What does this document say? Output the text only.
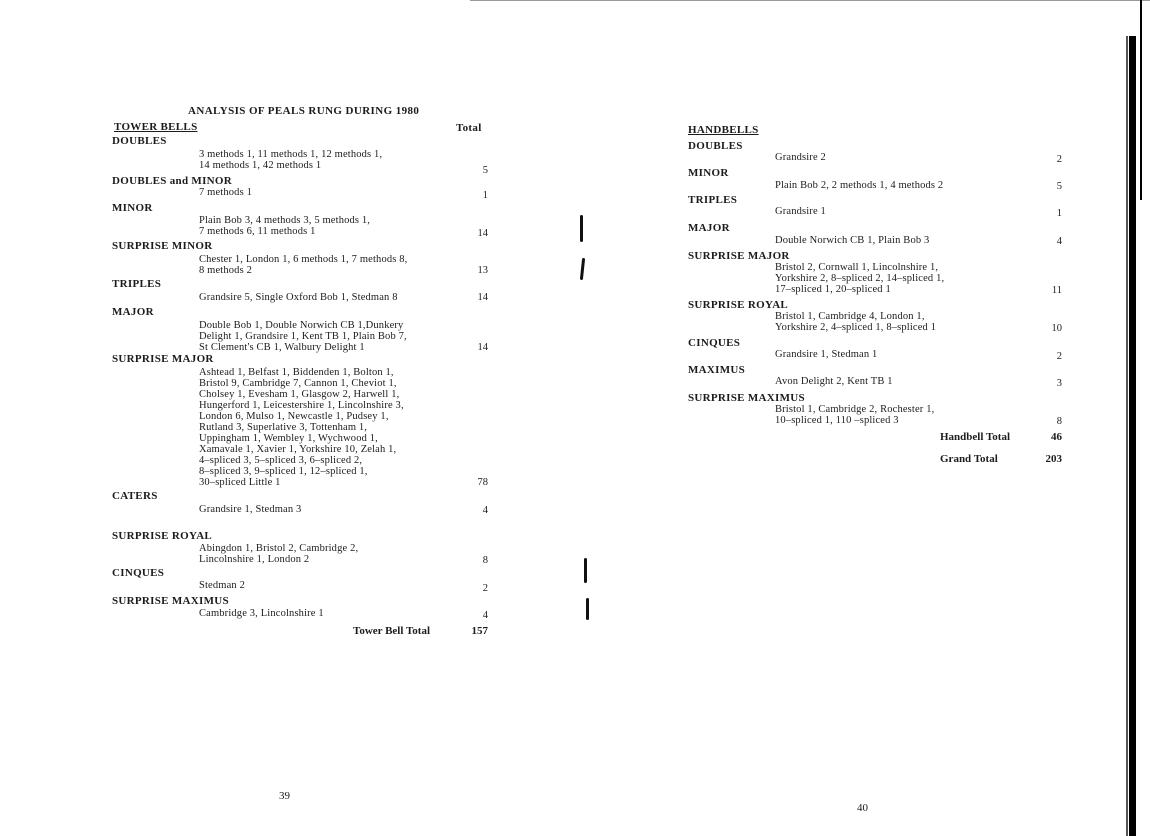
ANALYSIS OF PEALS RUNG DURING 1980
TOWER BELLS	Total
DOUBLES
3 methods 1, 11 methods 1, 12 methods 1,
14 methods 1, 42 methods 1	5
DOUBLES and MINOR
7 methods 1	1
MINOR
Plain Bob 3, 4 methods 3, 5 methods 1,
7 methods 6, 11 methods 1	14
SURPRISE MINOR
Chester 1, London 1, 6 methods 1, 7 methods 8,
8 methods 2	13
TRIPLES
Grandsire 5, Single Oxford Bob 1, Stedman 8	14
MAJOR
Double Bob 1, Double Norwich CB 1,Dunkery
Delight 1, Grandsire 1, Kent TB 1, Plain Bob 7,
St Clement's CB 1, Walbury Delight 1	14
SURPRISE MAJOR
Ashtead 1, Belfast 1, Biddenden 1, Bolton 1,
Bristol 9, Cambridge 7, Cannon 1, Cheviot 1,
Cholsey 1, Evesham 1, Glasgow 2, Harwell 1,
Hungerford 1, Leicestershire 1, Lincolnshire 3,
London 6, Mulso 1, Newcastle 1, Pudsey 1,
Rutland 3, Superlative 3, Tottenham 1,
Uppingham 1, Wembley 1, Wychwood 1,
Xamavale 1, Xavier 1, Yorkshire 10, Zelah 1,
4–spliced 3, 5–spliced 3, 6–spliced 2,
8–spliced 3, 9–spliced 1, 12–spliced 1,
30–spliced Little 1	78
CATERS
Grandsire 1, Stedman 3	4
SURPRISE ROYAL
Abingdon 1, Bristol 2, Cambridge 2,
Lincolnshire 1, London 2	8
CINQUES
Stedman 2	2
SURPRISE MAXIMUS
Cambridge 3, Lincolnshire 1	4
Tower Bell Total	157
39
HANDBELLS
DOUBLES
Grandsire 2	2
MINOR
Plain Bob 2, 2 methods 1, 4 methods 2	5
TRIPLES
Grandsire 1	1
MAJOR
Double Norwich CB 1, Plain Bob 3	4
SURPRISE MAJOR
Bristol 2, Cornwall 1, Lincolnshire 1,
Yorkshire 2, 8–spliced 2, 14–spliced 1,
17–spliced 1, 20–spliced 1	11
SURPRISE ROYAL
Bristol 1, Cambridge 4, London 1,
Yorkshire 2, 4–spliced 1, 8–spliced 1	10
CINQUES
Grandsire 1, Stedman 1	2
MAXIMUS
Avon Delight 2, Kent TB 1	3
SURPRISE MAXIMUS
Bristol 1, Cambridge 2, Rochester 1,
10–spliced 1, 110 –spliced 3	8
Handbell Total	46
Grand Total	203
40
